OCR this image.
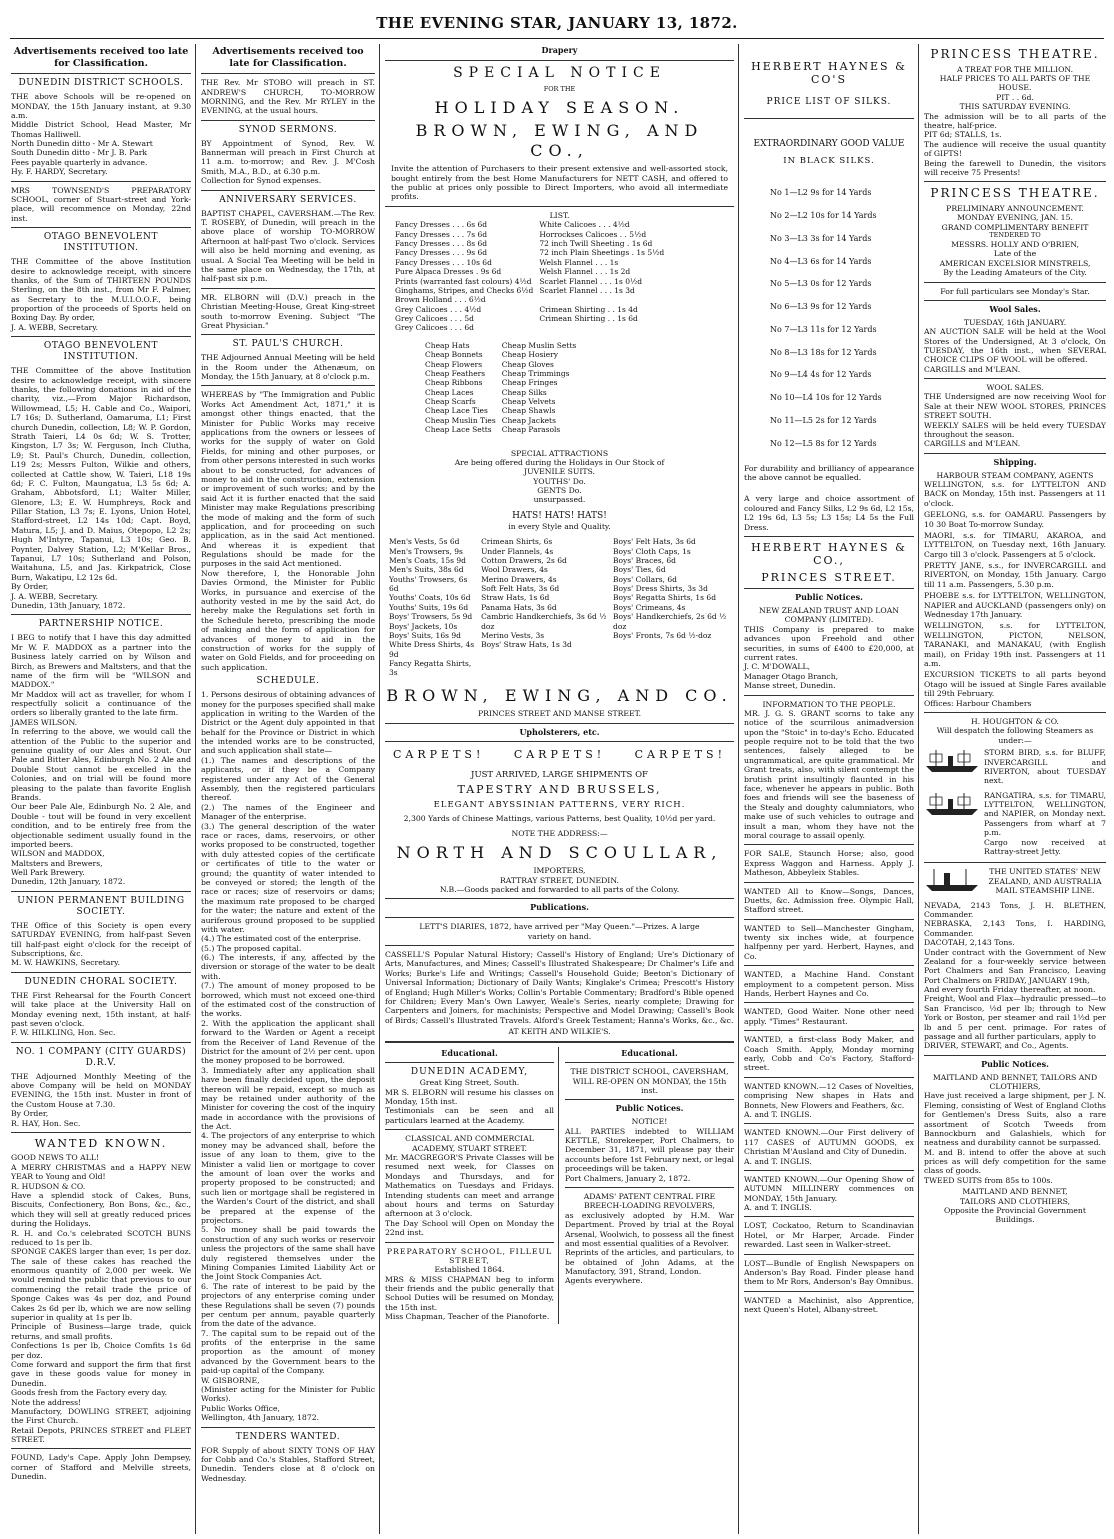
THE EVENING STAR, JANUARY 13, 1872.
Advertisements received too late for Classification.
DUNEDIN DISTRICT SCHOOLS.

THE above Schools will be re-opened on MONDAY, the 15th January instant, at 9.30 a.m.
Middle District School, Head Master, Mr Thomas Halliwell.
North Dunedin ditto - Mr A. Stewart
South Dunedin ditto - Mr J. B. Park
Fees payable quarterly in advance.
Hy. F. HARDY, Secretary.

MRS TOWNSEND'S PREPARATORY SCHOOL, corner of Stuart-street and York-place, will recommence on Monday, 22nd inst.

OTAGO BENEVOLENT INSTITUTION.

THE Committee of the above Institution desire to acknowledge receipt, with sincere thanks, of the Sum of THIRTEEN POUNDS Sterling, on the 8th inst., from Mr F. Palmer, as Secretary to the M.U.I.O.O.F., being proportion of the proceeds of Sports held on Boxing Day. By order,
J. A. WEBB, Secretary.

OTAGO BENEVOLENT INSTITUTION.

THE Committee of the above Institution desire to acknowledge receipt, with sincere thanks, the following donations in aid of the charity, viz.,—From Major Richardson, Willowmead, L5; H. Cable and Co., Waipori, L7 16s; D. Sutherland, Oamaruma, L1; First church Dunedin, collection, L8; W. P. Gordon, Strath Taieri, L4 0s 6d; W. S. Trotter, Kingston, L7 3s; W. Ferguson, Inch Clutha, L9; St. Paul's Church, Dunedin, collection, L19 2s; Messrs Fulton, Wilkie and others, collected at Cattle show, W. Taieri, L18 19s 6d; F. C. Fulton, Maungatua, L3 5s 6d; A. Graham, Abbotsford, L1; Walter Miller, Glenore, L3; E. W. Humphreys, Rock and Pillar Station, L3 7s; E. Lyons, Union Hotel, Stafford-street, L2 14s 10d; Capt. Boyd, Matura, L5; J. and D. Maius, Otepopo, L2 2s; Hugh M'Intyre, Tapanui, L3 10s; Geo. B. Poynter, Dalvey Station, L2; M'Kellar Bros., Tapanui, L7 10s; Sutherland and Polson, Waitahuna, L5, and Jas. Kirkpatrick, Close Burn, Wakatipu, L2 12s 6d.
By Order,
J. A. WEBB, Secretary.
Dunedin, 13th January, 1872.

PARTNERSHIP NOTICE.

I BEG to notify that I have this day admitted Mr W. F. MADDOX as a partner into the Business lately carried on by Wilson and Birch, as Brewers and Maltsters, and that the name of the firm will be "WILSON and MADDOX."
Mr Maddox will act as traveller, for whom I respectfully solicit a continuance of the orders so liberally granted to the late firm.
JAMES WILSON.
In referring to the above, we would call the attention of the Public to the superior and genuine quality of our Ales and Stout. Our Pale and Bitter Ales, Edinburgh No. 2 Ale and Double Stout cannot be excelled in the Colonies, and on trial will be found more pleasing to the palate than favorite English Brands.
Our beer Pale Ale, Edinburgh No. 2 Ale, and Double - tout will be found in very excellent condition, and to be entirely free from the objectionable sediment usually found in the imported beers.
WILSON and MADDOX,
Maltsters and Brewers,
Well Park Brewery.
Dunedin, 12th January, 1872.

UNION PERMANENT BUILDING SOCIETY.

THE Office of this Society is open every SATURDAY EVENING, from half-past Seven till half-past eight o'clock for the receipt of Subscriptions, &c.
M. W. HAWKINS, Secretary.

DUNEDIN CHORAL SOCIETY.

THE First Rehearsal for the Fourth Concert will take place at the University Hall on Monday evening next, 15th instant, at half-past seven o'clock.
F. W. HILKLING, Hon. Sec.

NO. 1 COMPANY (CITY GUARDS) D.R.V.

THE Adjourned Monthly Meeting of the above Company will be held on MONDAY EVENING, the 15th inst. Muster in front of the Custom House at 7.30.
By Order,
R. HAY, Hon. Sec.

WANTED KNOWN.

GOOD NEWS TO ALL!
A MERRY CHRISTMAS and a HAPPY NEW YEAR to Young and Old!
R. HUDSON & CO.
Have a splendid stock of Cakes, Buns, Biscuits, Confectionery, Bon Bons, &c., &c., which they will sell at greatly reduced prices during the Holidays.
R. H. and Co.'s celebrated SCOTCH BUNS reduced to 1s per lb.
SPONGE CAKES larger than ever, 1s per doz. The sale of these cakes has reached the enormous quantity of 2,000 per week. We would remind the public that previous to our commencing the retail trade the price of Sponge Cakes was 4s per doz, and Pound Cakes 2s 6d per lb, which we are now selling superior in quality at 1s per lb.
Principle of Business—large trade, quick returns, and small profits.
Confections 1s per lb, Choice Comfits 1s 6d per doz.
Come forward and support the firm that first gave in these goods value for money in Dunedin.
Goods fresh from the Factory every day.
Note the address!
Manufactory, DOWLING STREET, adjoining the First Church.
Retail Depots, PRINCES STREET and FLEET STREET.

FOUND, Lady's Cape. Apply John Dempsey, corner of Stafford and Melville streets, Dunedin.

Advertisements received too late for Classification.

THE Rev. Mr STOBO will preach in ST. ANDREW'S CHURCH, TO-MORROW MORNING, and the Rev. Mr RYLEY in the EVENING, at the usual hours.

SYNOD SERMONS.

BY Appointment of Synod, Rev. W. Bannerman will preach in First Church at 11 a.m. to-morrow; and Rev. J. M'Cosh Smith, M.A., B.D., at 6.30 p.m.
Collection for Synod expenses.

ANNIVERSARY SERVICES.

BAPTIST CHAPEL, CAVERSHAM.—The Rev. T. ROSEBY, of Dunedin, will preach in the above place of worship TO-MORROW Afternoon at half-past Two o'clock. Services will also be held morning and evening, as usual. A Social Tea Meeting will be held in the same place on Wednesday, the 17th, at half-past six p.m.

MR. ELBORN will (D.V.) preach in the Christian Meeting-House, Great King-street south to-morrow Evening. Subject "The Great Physician."

ST. PAUL'S CHURCH.

THE Adjourned Annual Meeting will be held in the Room under the Athenæum, on Monday, the 15th January, at 8 o'clock p.m.

WHEREAS by "The Immigration and Public Works Act Amendment Act, 1871," it is amongst other things enacted, that the Minister for Public Works may receive applications from the owners or lessees of works for the supply of water on Gold Fields, for mining and other purposes, or from other persons interested in such works about to be constructed, for advances of money to aid in the construction, extension or improvement of such works; and by the said Act it is further enacted that the said Minister may make Regulations prescribing the mode of making and the form of such application, and for proceeding on such application, as in the said Act mentioned. And whereas it is expedient that Regulations should be made for the purposes in the said Act mentioned.
Now therefore, I, the Honorable John Davies Ormond, the Minister for Public Works, in pursuance and exercise of the authority vested in me by the said Act, do hereby make the Regulations set forth in the Schedule hereto, prescribing the mode of making and the form of application for advances of money to aid in the construction of works for the supply of water on Gold Fields, and for proceeding on such application.

SCHEDULE.

1. Persons desirous of obtaining advances of money for the purposes specified shall make application in writing to the Warden of the District or the Agent duly appointed in that behalf for the Province or District in which the intended works are to be constructed, and such application shall state—
(1.) The names and descriptions of the applicants, or if they be a Company registered under any Act of the General Assembly, then the registered particulars thereof.
(2.) The names of the Engineer and Manager of the enterprise.
(3.) The general description of the water race or races, dams, reservoirs, or other works proposed to be constructed, together with duly attested copies of the certificate or certificates of title to the water or ground; the quantity of water intended to be conveyed or stored; the length of the race or races; size of reservoirs or dams; the maximum rate proposed to be charged for the water; the nature and extent of the auriferous ground proposed to be supplied with water.
(4.) The estimated cost of the enterprise.
(5.) The proposed capital.
(6.) The interests, if any, affected by the diversion or storage of the water to be dealt with.
(7.) The amount of money proposed to be borrowed, which must not exceed one-third of the estimated cost of the construction of the works.
2. With the application the applicant shall forward to the Warden or Agent a receipt from the Receiver of Land Revenue of the District for the amount of 2½ per cent. upon the money proposed to be borrowed.
3. Immediately after any application shall have been finally decided upon, the deposit thereon will be repaid, except so much as may be retained under authority of the Minister for covering the cost of the inquiry made in accordance with the provisions of the Act.
4. The projectors of any enterprise to which money may be advanced shall, before the issue of any loan to them, give to the Minister a valid lien or mortgage to cover the amount of loan over the works and property proposed to be constructed; and such lien or mortgage shall be registered in the Warden's Court of the district, and shall be prepared at the expense of the projectors.
5. No money shall be paid towards the construction of any such works or reservoir unless the projectors of the same shall have duly registered themselves under the Mining Companies Limited Liability Act or the Joint Stock Companies Act.
6. The rate of interest to be paid by the projectors of any enterprise coming under these Regulations shall be seven (7) pounds per centum per annum, payable quarterly from the date of the advance.
7. The capital sum to be repaid out of the profits of the enterprise in the same proportion as the amount of money advanced by the Government bears to the paid-up capital of the Company.
W. GISBORNE,
(Minister acting for the Minister for Public Works).
Public Works Office,
Wellington, 4th January, 1872.

TENDERS WANTED.

FOR Supply of about SIXTY TONS OF HAY for Cobb and Co.'s Stables, Stafford Street, Dunedin. Tenders close at 8 o'clock on Wednesday.

Drapery
SPECIAL NOTICE
FOR THE
HOLIDAY SEASON.
BROWN, EWING, AND CO.,

Invite the attention of Purchasers to their present extensive and well-assorted stock, bought entirely from the best Home Manufacturers for NETT CASH, and offered to the public at prices only possible to Direct Importers, who avoid all intermediate profits.

LIST.
Fancy Dresses . . . 6s 6d
Fancy Dresses . . . 7s 6d
Fancy Dresses . . . 8s 6d
Fancy Dresses . . . 9s 6d
Fancy Dresses . . . 10s 6d
Pure Alpaca Dresses . 9s 6d
Prints (warranted fast colours) 4½d
Ginghams, Stripes, and Checks 6½d
Brown Holland . . . 6½d
Grey Calicoes . . . 4½d
Grey Calicoes . . . 5d
Grey Calicoes . . . 6d
White Calicoes . . . 4½d
Horrockses Calicoes . . 5½d
72 inch Twill Sheeting . 1s 6d
72 inch Plain Sheetings . 1s 5½d
Welsh Flannel . . . 1s
Welsh Flannel . . . 1s 2d
Scarlet Flannel . . . 1s 0½d
Scarlet Flannel . . . 1s 3d

Crimean Shirting . . 1s 4d
Crimean Shirting . . 1s 6d

Cheap Hats
Cheap Bonnets
Cheap Flowers
Cheap Feathers
Cheap Ribbons
Cheap Laces
Cheap Scarfs
Cheap Lace Ties
Cheap Muslin Ties
Cheap Lace Setts
Cheap Muslin Setts
Cheap Hosiery
Cheap Gloves
Cheap Trimmings
Cheap Fringes
Cheap Silks
Cheap Velvets
Cheap Shawls
Cheap Jackets
Cheap Parasols
SPECIAL ATTRACTIONS

Are being offered during the Holidays in Our Stock of
JUVENILE SUITS.
YOUTHS' Do.
GENTS Do.
unsurpassed.

HATS! HATS! HATS!
in every Style and Quality.
Men's Vests, 5s 6d
Men's Trowsers, 9s
Men's Coats, 15s 9d
Men's Suits, 38s 6d
Youths' Trowsers, 6s 6d
Youths' Coats, 10s 6d
Youths' Suits, 19s 6d
Boys' Trowsers, 5s 9d
Boys' Jackets, 10s
Boys' Suits, 16s 9d
White Dress Shirts, 4s 9d
Fancy Regatta Shirts, 3s
Crimean Shirts, 6s
Under Flannels, 4s
Cotton Drawers, 2s 6d
Wool Drawers, 4s
Merino Drawers, 4s
Soft Felt Hats, 3s 6d
Straw Hats, 1s 6d
Panama Hats, 3s 6d
Cambric Handkerchiefs, 3s 6d ½ doz
Merino Vests, 3s
Boys' Straw Hats, 1s 3d
Boys' Felt Hats, 3s 6d
Boys' Cloth Caps, 1s
Boys' Braces, 6d
Boys' Ties, 6d
Boys' Collars, 6d
Boys' Dress Shirts, 3s 3d
Boys' Regatta Shirts, 1s 6d
Boys' Crimeans, 4s
Boys' Handkerchiefs, 2s 6d ½ doz
Boys' Fronts, 7s 6d ½-doz
BROWN, EWING, AND CO.
PRINCES STREET AND MANSE STREET.
Upholsterers, etc.
CARPETS!	CARPETS!	CARPETS!
JUST ARRIVED, LARGE SHIPMENTS OF
TAPESTRY AND BRUSSELS,
ELEGANT ABYSSINIAN PATTERNS, VERY RICH.
2,300 Yards of Chinese Mattings, various Patterns, best Quality, 10½d per yard.
NOTE THE ADDRESS:—
NORTH AND SCOULLAR,
IMPORTERS,
RATTRAY STREET, DUNEDIN.
N.B.—Goods packed and forwarded to all parts of the Colony.
Publications.

LETT'S DIARIES, 1872, have arrived per "May Queen."—Prizes. A large variety on hand.

CASSELL'S Popular Natural History; Cassell's History of England; Ure's Dictionary of Arts, Manufactures, and Mines; Cassell's Illustrated Shakespeare; Dr Chalmer's Life and Works; Burke's Life and Writings; Cassell's Household Guide; Beeton's Dictionary of Universal Information; Dictionary of Daily Wants; Kinglake's Crimea; Prescott's History of England; Hugh Miller's Works; Collin's Portable Commentary; Bradford's Bible opened for Children; Every Man's Own Lawyer, Weale's Series, nearly complete; Drawing for Carpenters and Joiners, for machinists; Perspective and Model Drawing; Cassell's Book of Birds; Cassell's Illustrated Travels. Alford's Greek Testament; Hanna's Works, &c., &c.

AT KEITH AND WILKIE'S.
Educational.
DUNEDIN ACADEMY,
Great King Street, South.

MR S. ELBORN will resume his classes on Monday, 15th inst.
Testimonials can be seen and all particulars learned at the Academy.

CLASSICAL AND COMMERCIAL ACADEMY, STUART STREET.

Mr. MACGREGOR'S Private Classes will be resumed next week, for Classes on Mondays and Thursdays, and for Mathematics on Tuesdays and Fridays. Intending students can meet and arrange about hours and terms on Saturday afternoon at 3 o'clock.
The Day School will Open on Monday the 22nd inst.

PREPARATORY SCHOOL, FILLEUL STREET,
Established 1864.

MRS & MISS CHAPMAN beg to inform their friends and the public generally that School Duties will be resumed on Monday, the 15th inst.
Miss Chapman, Teacher of the Pianoforte.

Educational.

THE DISTRICT SCHOOL, CAVERSHAM,
WILL RE-OPEN ON MONDAY, the 15th inst.

Public Notices.
NOTICE!

ALL PARTIES indebted to WILLIAM KETTLE, Storekeeper, Port Chalmers, to December 31, 1871, will please pay their accounts before 1st February next, or legal proceedings will be taken.
Port Chalmers, January 2, 1872.

ADAMS' PATENT CENTRAL FIRE BREECH-LOADING REVOLVERS,

as exclusively adopted by H.M. War Department. Proved by trial at the Royal Arsenal, Woolwich, to possess all the finest and most essential qualities of a Revolver.
Reprints of the articles, and particulars, to be obtained of John Adams, at the Manufactory, 391, Strand, London.
Agents everywhere.

HERBERT HAYNES & CO'S
PRICE LIST OF SILKS.
EXTRAORDINARY GOOD VALUE
IN BLACK SILKS.
No 1—L2 9s for 14 Yards
No 2—L2 10s for 14 Yards
No 3—L3 3s for 14 Yards
No 4—L3 6s for 14 Yards
No 5—L3 0s for 12 Yards
No 6—L3 9s for 12 Yards
No 7—L3 11s for 12 Yards
No 8—L3 18s for 12 Yards
No 9—L4 4s for 12 Yards
No 10—L4 10s for 12 Yards
No 11—L5 2s for 12 Yards
No 12—L5 8s for 12 Yards

For durability and brilliancy of appearance the above cannot be equalled.

A very large and choice assortment of coloured and Fancy Silks, L2 9s 6d, L2 15s, L2 19s 6d, L3 5s; L3 15s; L4 5s the Full Dress.

HERBERT HAYNES & CO.,
PRINCES STREET.
Public Notices.
NEW ZEALAND TRUST AND LOAN COMPANY (LIMITED).

THIS Company is prepared to make advances upon Freehold and other securities, in sums of £400 to £20,000, at current rates.
J. C. M'DOWALL,
Manager Otago Branch,
Manse street, Dunedin.

INFORMATION TO THE PEOPLE.

MR. J. G. S. GRANT scorns to take any notice of the scurrilous animadversion upon the "Stoic" in to-day's Echo. Educated people require not to be told that the two sentences, falsely alleged to be ungrammatical, are quite grammatical. Mr Grant treats, also, with silent contempt the brutish print insultingly flaunted in his face, whenever he appears in public. Both foes and friends will see the baseness of the Stealy and doughty calumniators, who make use of such vehicles to outrage and insult a man, whom they have not the moral courage to assail openly.

FOR SALE, Staunch Horse; also, good Express Waggon and Harness. Apply J. Matheson, Abbeyleix Stables.

WANTED All to Know—Songs, Dances, Duetts, &c. Admission free. Olympic Hall, Stafford street.

WANTED to Sell—Manchester Gingham, twenty six inches wide, at fourpence halfpenny per yard. Herbert, Haynes, and Co.

WANTED, a Machine Hand. Constant employment to a competent person. Miss Hands, Herbert Haynes and Co.

WANTED, Good Waiter. None other need apply. "Times" Restaurant.

WANTED, a first-class Body Maker, and Coach Smith. Apply, Monday morning early, Cobb and Co's Factory, Stafford-street.

WANTED KNOWN.—12 Cases of Novelties, comprising New shapes in Hats and Bonnets, New Flowers and Feathers, &c.
A. and T. INGLIS.

WANTED KNOWN.—Our First delivery of 117 CASES of AUTUMN GOODS, ex Christian M'Ausland and City of Dunedin.
A. and T. INGLIS.

WANTED KNOWN.—Our Opening Show of AUTUMN MILLINERY commences on MONDAY, 15th January.
A. and T. INGLIS.

LOST, Cockatoo, Return to Scandinavian Hotel, or Mr Harper, Arcade. Finder rewarded. Last seen in Walker-street.

LOST—Bundle of English Newspapers on Anderson's Bay Road. Finder please hand them to Mr Rors, Anderson's Bay Omnibus.

WANTED a Machinist, also Apprentice, next Queen's Hotel, Albany-street.

PRINCESS THEATRE.
A TREAT FOR THE MILLION.
HALF PRICES TO ALL PARTS OF THE HOUSE.
PIT . . 6d.
THIS SATURDAY EVENING.

The admission will be to all parts of the theatre, half-price.
PIT 6d; STALLS, 1s.
The audience will receive the usual quantity of GIFTS!
Being the farewell to Dunedin, the visitors will receive 75 Presents!

PRINCESS THEATRE.
PRELIMINARY ANNOUNCEMENT.
MONDAY EVENING, JAN. 15.
GRAND COMPLIMENTARY BENEFIT
TENDERED TO
MESSRS. HOLLY AND O'BRIEN,
Late of the
AMERICAN EXCELSIOR MINSTRELS,
By the Leading Amateurs of the City.
For full particulars see Monday's Star.
Wool Sales.
TUESDAY, 16th JANUARY.

AN AUCTION SALE will be held at the Wool Stores of the Undersigned, At 3 o'clock, On TUESDAY, the 16th inst., when SEVERAL CHOICE CLIPS OF WOOL will be offered.
CARGILLS and M'LEAN.

WOOL SALES.

THE Undersigned are now receiving Wool for Sale at their NEW WOOL STORES, PRINCES STREET SOUTH.
WEEKLY SALES will be held every TUESDAY throughout the season.
CARGILLS and M'LEAN.

Shipping.
HARBOUR STEAM COMPANY, AGENTS

WELLINGTON, s.s. for LYTTELTON AND BACK on Monday, 15th inst. Passengers at 11 o'clock.

GEELONG, s.s. for OAMARU. Passengers by 10 30 Boat To-morrow Sunday.

MAORI, s.s. for TIMARU, AKAROA, and LYTTELTON, on Tuesday next, 16th January. Cargo till 3 o'clock. Passengers at 5 o'clock.

PRETTY JANE, s.s., for INVERCARGILL and RIVERTON, on Monday, 15th January. Cargo till 11 a.m. Passengers, 5.30 p.m.

PHOEBE s.s. for LYTTELTON, WELLINGTON, NAPIER and AUCKLAND (passengers only) on Wednesday 17th January.

WELLINGTON, s.s. for LYTTELTON, WELLINGTON, PICTON, NELSON, TARANAKI, and MANAKAU, (with English mail), on Friday 19th inst. Passengers at 11 a.m.

EXCURSION TICKETS to all parts beyond Otago will be issued at Single Fares available till 29th February.
Offices: Harbour Chambers

H. HOUGHTON & CO.
Will despatch the following Steamers as under:—

STORM BIRD, s.s. for BLUFF, INVERCARGILL and RIVERTON, about TUESDAY next.

RANGATIRA, s.s. for TIMARU, LYTTELTON, WELLINGTON, and NAPIER, on Monday next. Passengers from wharf at 7 p.m.
Cargo now received at Rattray-street Jetty.

THE UNITED STATES' NEW ZEALAND, AND AUSTRALIA MAIL STEAMSHIP LINE.

NEVADA, 2143 Tons, J. H. BLETHEN, Commander.
NEBRASKA, 2,143 Tons, I. HARDING, Commander.
DACOTAH, 2,143 Tons.
Under contract with the Government of New Zealand for a four-weekly service between Port Chalmers and San Francisco, Leaving Port Chalmers on FRIDAY, JANUARY 19th,
And every fourth Friday thereafter, at noon.
Freight, Wool and Flax—hydraulic pressed—to San Francisco, ½d per lb; through to New York or Boston, per steamer and rail 1½d per lb and 5 per cent. primage. For rates of passage and all further particulars, apply to
DRIVER, STEWART, and Co., Agents.

Public Notices.
MAITLAND AND BENNET, TAILORS AND CLOTHIERS,

Have just received a large shipment, per J. N. Fleming, consisting of West of England Cloths for Gentlemen's Dress Suits, also a rare assortment of Scotch Tweeds from Bannockburn and Galashiels, which for neatness and durability cannot be surpassed.
M. and B. intend to offer the above at such prices as will defy competition for the same class of goods.
TWEED SUITS from 85s to 100s.

MAITLAND AND BENNET,
TAILORS AND CLOTHIERS,
Opposite the Provincial Government Buildings.
